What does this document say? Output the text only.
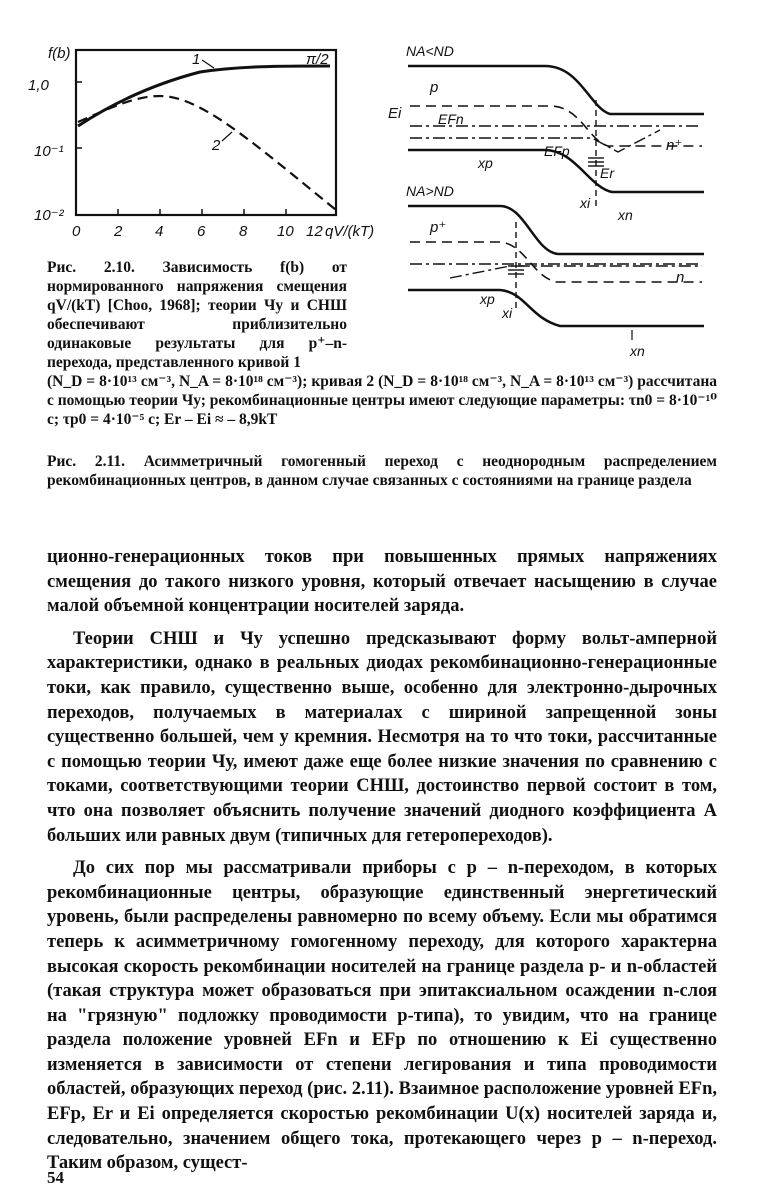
f(b)
1,0
10⁻¹
10⁻²
0 2 4 6 8 10 12 qV/(kT)
π/2
1
2
NA<ND
p
Ei	EFn
EFp
Er
n⁺
xp
xi
xn
NA>ND
p⁺
n
xp
xi
xn
Рис. 2.10. Зависимость f(b) от нормированного напряжения смещения qV/(kT) [Choo, 1968]; теории Чу и СНШ обеспечивают приблизительно одинаковые результаты для p⁺–n-перехода, представленного кривой 1
(N_D = 8·10¹³ см⁻³, N_A = 8·10¹⁸ см⁻³); кривая 2 (N_D = 8·10¹⁸ см⁻³, N_A = 8·10¹³ см⁻³) рассчитана с помощью теории Чу; рекомбинационные центры имеют следующие параметры: τn0 = 8·10⁻¹⁰ с; τp0 = 4·10⁻⁵ с; Er – Ei ≈ – 8,9kT
Рис. 2.11. Асимметричный гомогенный переход с неоднородным распределением рекомбинационных центров, в данном случае связанных с состояниями на границе раздела

ционно-генерационных токов при повышенных прямых напряжениях смещения до такого низкого уровня, который отвечает насыщению в случае малой объемной концентрации носителей заряда.

Теории СНШ и Чу успешно предсказывают форму вольт-амперной характеристики, однако в реальных диодах рекомбинационно-генерационные токи, как правило, существенно выше, особенно для электронно-дырочных переходов, получаемых в материалах с шириной запрещенной зоны существенно большей, чем у кремния. Несмотря на то что токи, рассчитанные с помощью теории Чу, имеют даже еще более низкие значения по сравнению с токами, соответствующими теории СНШ, достоинство первой состоит в том, что она позволяет объяснить получение значений диодного коэффициента A больших или равных двум (типичных для гетеропереходов).

До сих пор мы рассматривали приборы с p – n-переходом, в которых рекомбинационные центры, образующие единственный энергетический уровень, были распределены равномерно по всему объему. Если мы обратимся теперь к асимметричному гомогенному переходу, для которого характерна высокая скорость рекомбинации носителей на границе раздела p- и n-областей (такая структура может образоваться при эпитаксиальном осаждении n-слоя на "грязную" подложку проводимости p-типа), то увидим, что на границе раздела положение уровней EFn и EFp по отношению к Ei существенно изменяется в зависимости от степени легирования и типа проводимости областей, образующих переход (рис. 2.11). Взаимное расположение уровней EFn, EFp, Er и Ei определяется скоростью рекомбинации U(x) носителей заряда и, следовательно, значением общего тока, протекающего через p – n-переход. Таким образом, сущест-

54
